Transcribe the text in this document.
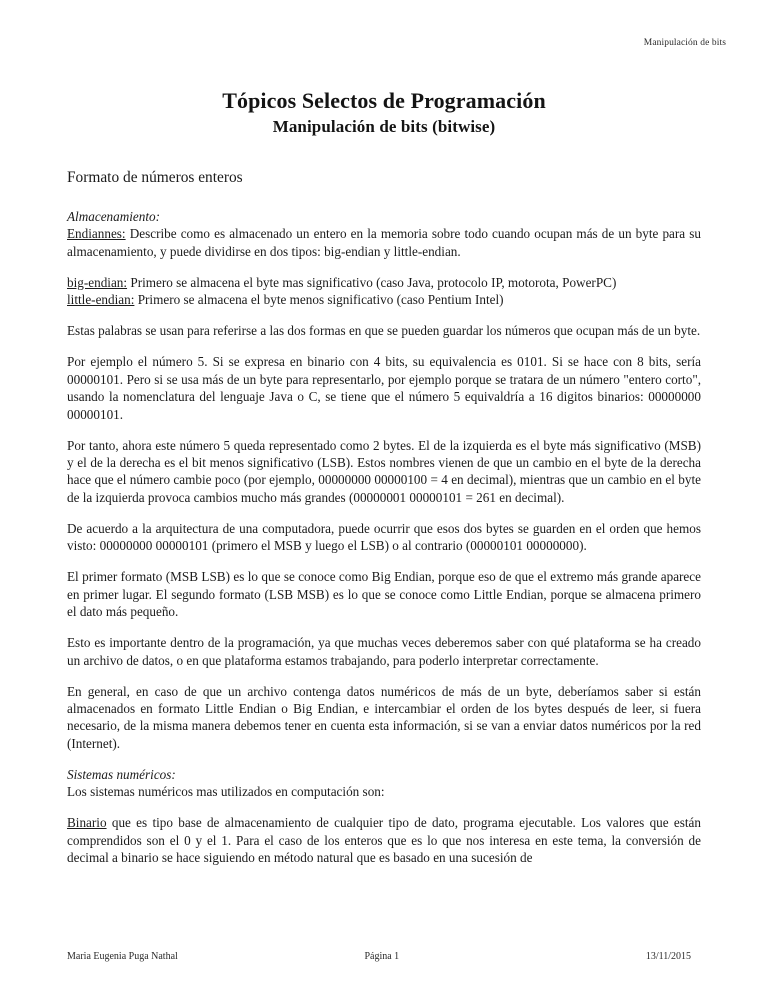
Manipulación de bits
Tópicos Selectos de Programación
Manipulación de bits (bitwise)
Formato de números enteros

Almacenamiento:

Endiannes: Describe como es almacenado un entero en la memoria sobre todo cuando ocupan más de un byte para su almacenamiento, y puede dividirse en dos tipos: big-endian y little-endian.

big-endian: Primero se almacena el byte mas significativo (caso Java, protocolo IP, motorota, PowerPC)

little-endian: Primero se almacena el byte menos significativo (caso Pentium Intel)

Estas palabras se usan para referirse a las dos formas en que se pueden guardar los números que ocupan más de un byte.

Por ejemplo el número 5. Si se expresa en binario con 4 bits, su equivalencia es 0101. Si se hace con 8 bits, sería 00000101. Pero si se usa más de un byte para representarlo, por ejemplo porque se tratara de un número "entero corto", usando la nomenclatura del lenguaje Java o C, se tiene que el número 5 equivaldría a 16 digitos binarios: 00000000 00000101.

Por tanto, ahora este número 5 queda representado como 2 bytes. El de la izquierda es el byte más significativo (MSB) y el de la derecha es el bit menos significativo (LSB). Estos nombres vienen de que un cambio en el byte de la derecha hace que el número cambie poco (por ejemplo, 00000000 00000100 = 4 en decimal), mientras que un cambio en el byte de la izquierda provoca cambios mucho más grandes (00000001 00000101 = 261 en decimal).

De acuerdo a la arquitectura de una computadora, puede ocurrir que esos dos bytes se guarden en el orden que hemos visto: 00000000 00000101 (primero el MSB y luego el LSB) o al contrario (00000101 00000000).

El primer formato (MSB LSB) es lo que se conoce como Big Endian, porque eso de que el extremo más grande aparece en primer lugar. El segundo formato (LSB MSB) es lo que se conoce como Little Endian, porque se almacena primero el dato más pequeño.

Esto es importante dentro de la programación, ya que muchas veces deberemos saber con qué plataforma se ha creado un archivo de datos, o en que plataforma estamos trabajando, para poderlo interpretar correctamente.

En general, en caso de que un archivo contenga datos numéricos de más de un byte, deberíamos saber si están almacenados en formato Little Endian o Big Endian, e intercambiar el orden de los bytes después de leer, si fuera necesario, de la misma manera debemos tener en cuenta esta información, si se van a enviar datos numéricos por la red (Internet).

Sistemas numéricos:

Los sistemas numéricos mas utilizados en computación son:

Binario que es tipo base de almacenamiento de cualquier tipo de dato, programa ejecutable. Los valores que están comprendidos son el 0 y el 1. Para el caso de los enteros que es lo que nos interesa en este tema, la conversión de decimal a binario se hace siguiendo en método natural que es basado en una sucesión de

Maria Eugenia Puga Nathal	Página 1	13/11/2015
